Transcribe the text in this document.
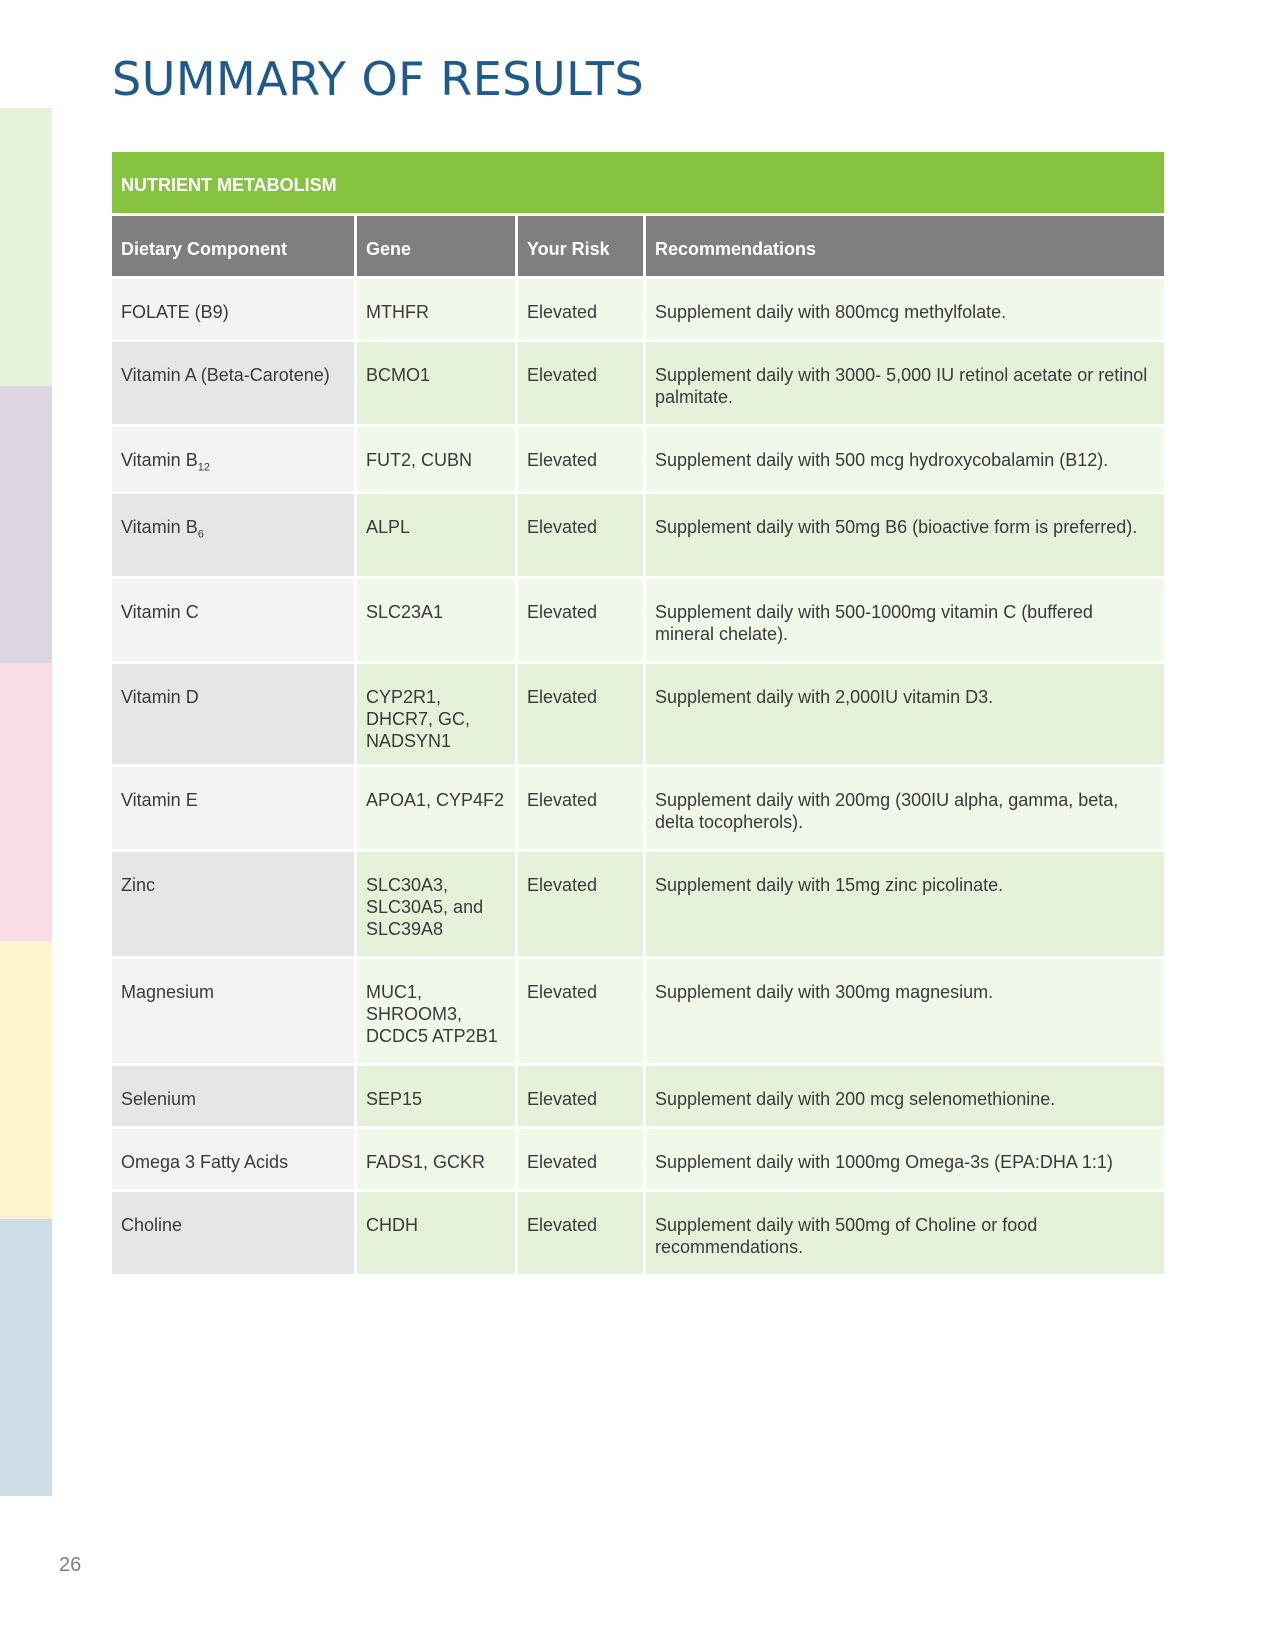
SUMMARY OF RESULTS
NUTRIENT METABOLISM			
Dietary Component	Gene	Your Risk	Recommendations
FOLATE (B9)	MTHFR	Elevated	Supplement daily with 800mcg methylfolate.
Vitamin A (Beta-Carotene)	BCMO1	Elevated	Supplement daily with 3000- 5,000 IU retinol acetate or retinol palmitate.
Vitamin $B_{12}$	FUT2, CUBN	Elevated	Supplement daily with 500 mcg hydroxycobalamin (B12).
Vitamin $B_6$	ALPL	Elevated	Supplement daily with 50mg B6 (bioactive form is preferred).
Vitamin C	SLC23A1	Elevated	Supplement daily with 500-1000mg vitamin C (buffered mineral chelate).
Vitamin D	CYP2R1, DHCR7, GC, NADSYN1	Elevated	Supplement daily with 2,000IU vitamin D3.
Vitamin E	APOA1, CYP4F2	Elevated	Supplement daily with 200mg (300IU alpha, gamma, beta, delta tocopherols).
Zinc	SLC30A3, SLC30A5, and SLC39A8	Elevated	Supplement daily with 15mg zinc picolinate.
Magnesium	MUC1, SHROOM3, DCDC5 ATP2B1	Elevated	Supplement daily with 300mg magnesium.
Selenium	SEP15	Elevated	Supplement daily with 200 mcg selenomethionine.
Omega 3 Fatty Acids	FADS1, GCKR	Elevated	Supplement daily with 1000mg Omega-3s (EPA:DHA 1:1)
Choline	CHDH	Elevated	Supplement daily with 500mg of Choline or food recommendations.
26
